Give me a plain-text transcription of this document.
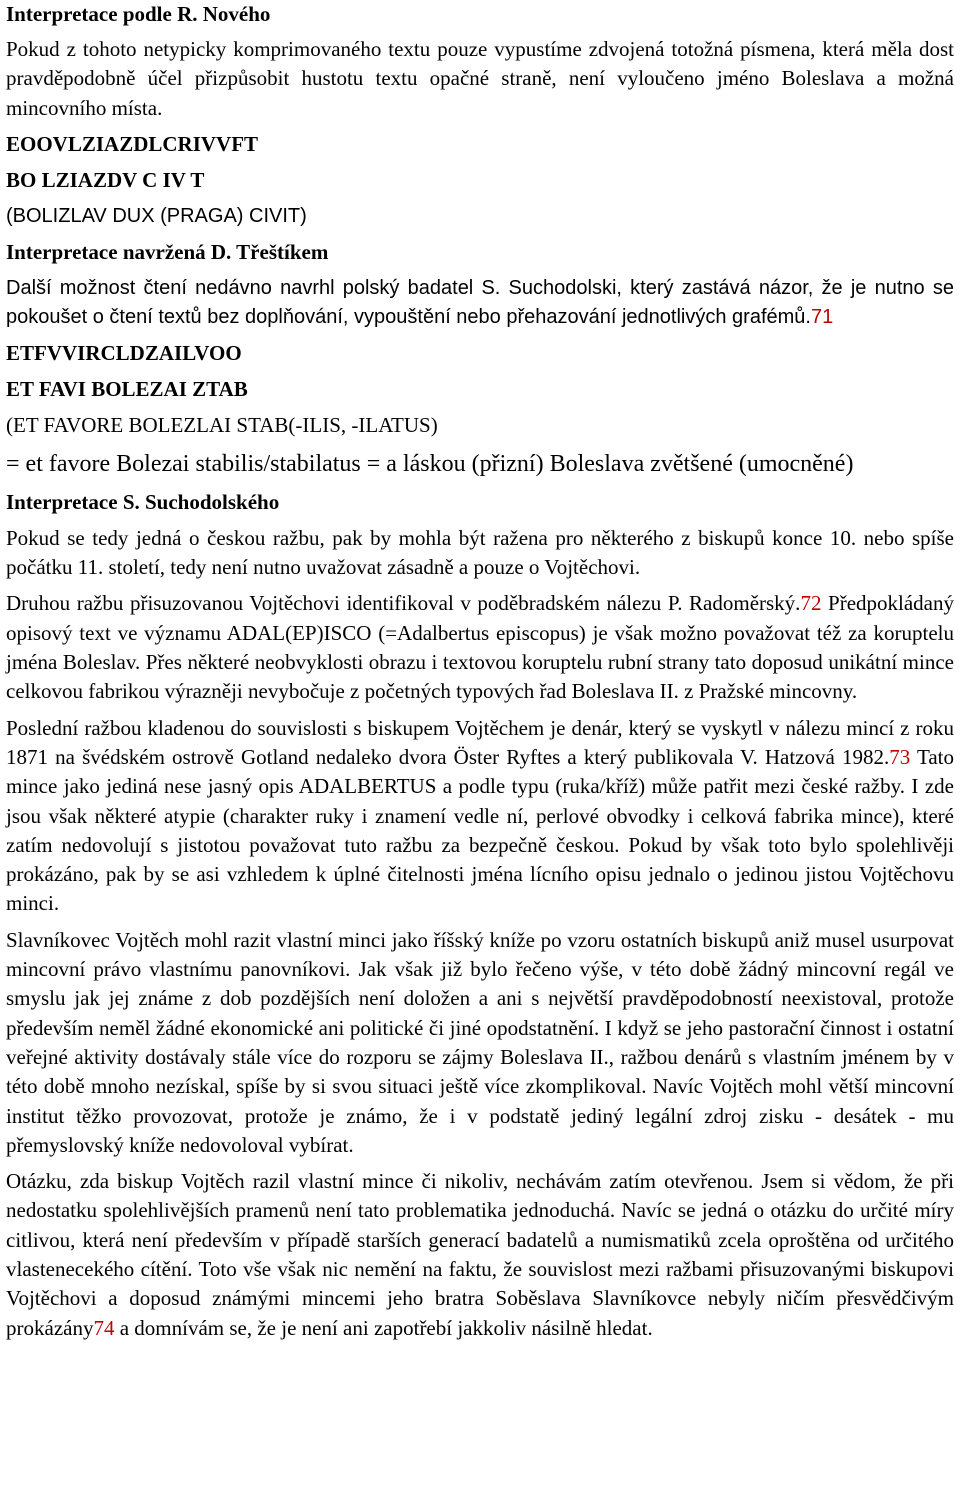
Interpretace podle R. Nového

Pokud z tohoto netypicky komprimovaného textu pouze vypustíme zdvojená totožná písmena, která měla dost pravděpodobně účel přizpůsobit hustotu textu opačné straně, není vyloučeno jméno Boleslava a možná mincovního místa.

EOOVLZIAZDLCRIVVFT
BO LZIAZDV C IV T
(BOLIZLAV DUX (PRAGA) CIVIT)
Interpretace navržená D. Třeštíkem

Další možnost čtení nedávno navrhl polský badatel S. Suchodolski, který zastává názor, že je nutno se pokoušet o čtení textů bez doplňování, vypouštění nebo přehazování jednotlivých grafémů.71

ETFVVIRCLDZAILVOO
ET FAVI BOLEZAI ZTAB
(ET FAVORE BOLEZLAI STAB(-ILIS, -ILATUS)

= et favore Bolezai stabilis/stabilatus = a láskou (přizní) Boleslava zvětšené (umocněné)

Interpretace S. Suchodolského

Pokud se tedy jedná o českou ražbu, pak by mohla být ražena pro některého z biskupů konce 10. nebo spíše počátku 11. století, tedy není nutno uvažovat zásadně a pouze o Vojtěchovi.

Druhou ražbu přisuzovanou Vojtěchovi identifikoval v poděbradském nálezu P. Radoměrský.72 Předpokládaný opisový text ve významu ADAL(EP)ISCO (=Adalbertus episcopus) je však možno považovat též za koruptelu jména Boleslav. Přes některé neobvyklosti obrazu i textovou koruptelu rubní strany tato doposud unikátní mince celkovou fabrikou výrazněji nevybočuje z početných typových řad Boleslava II. z Pražské mincovny.

Poslední ražbou kladenou do souvislosti s biskupem Vojtěchem je denár, který se vyskytl v nálezu mincí z roku 1871 na švédském ostrově Gotland nedaleko dvora Öster Ryftes a který publikovala V. Hatzová 1982.73 Tato mince jako jediná nese jasný opis ADALBERTUS a podle typu (ruka/kříž) může patřit mezi české ražby. I zde jsou však některé atypie (charakter ruky i znamení vedle ní, perlové obvodky i celková fabrika mince), které zatím nedovolují s jistotou považovat tuto ražbu za bezpečně českou. Pokud by však toto bylo spolehlivěji prokázáno, pak by se asi vzhledem k úplné čitelnosti jména lícního opisu jednalo o jedinou jistou Vojtěchovu minci.

Slavníkovec Vojtěch mohl razit vlastní minci jako říšský kníže po vzoru ostatních biskupů aniž musel usurpovat mincovní právo vlastnímu panovníkovi. Jak však již bylo řečeno výše, v této době žádný mincovní regál ve smyslu jak jej známe z dob pozdějších není doložen a ani s největší pravděpodobností neexistoval, protože především neměl žádné ekonomické ani politické či jiné opodstatnění. I když se jeho pastorační činnost i ostatní veřejné aktivity dostávaly stále více do rozporu se zájmy Boleslava II., ražbou denárů s vlastním jménem by v této době mnoho nezískal, spíše by si svou situaci ještě více zkomplikoval. Navíc Vojtěch mohl větší mincovní institut těžko provozovat, protože je známo, že i v podstatě jediný legální zdroj zisku - desátek - mu přemyslovský kníže nedovoloval vybírat.

Otázku, zda biskup Vojtěch razil vlastní mince či nikoliv, nechávám zatím otevřenou. Jsem si vědom, že při nedostatku spolehlivějších pramenů není tato problematika jednoduchá. Navíc se jedná o otázku do určité míry citlivou, která není především v případě starších generací badatelů a numismatiků zcela oproštěna od určitého vlastenecekého cítění. Toto vše však nic nemění na faktu, že souvislost mezi ražbami přisuzovanými biskupovi Vojtěchovi a doposud známými mincemi jeho bratra Soběslava Slavníkovce nebyly ničím přesvědčivým prokázány74 a domnívám se, že je není ani zapotřebí jakkoliv násilně hledat.
